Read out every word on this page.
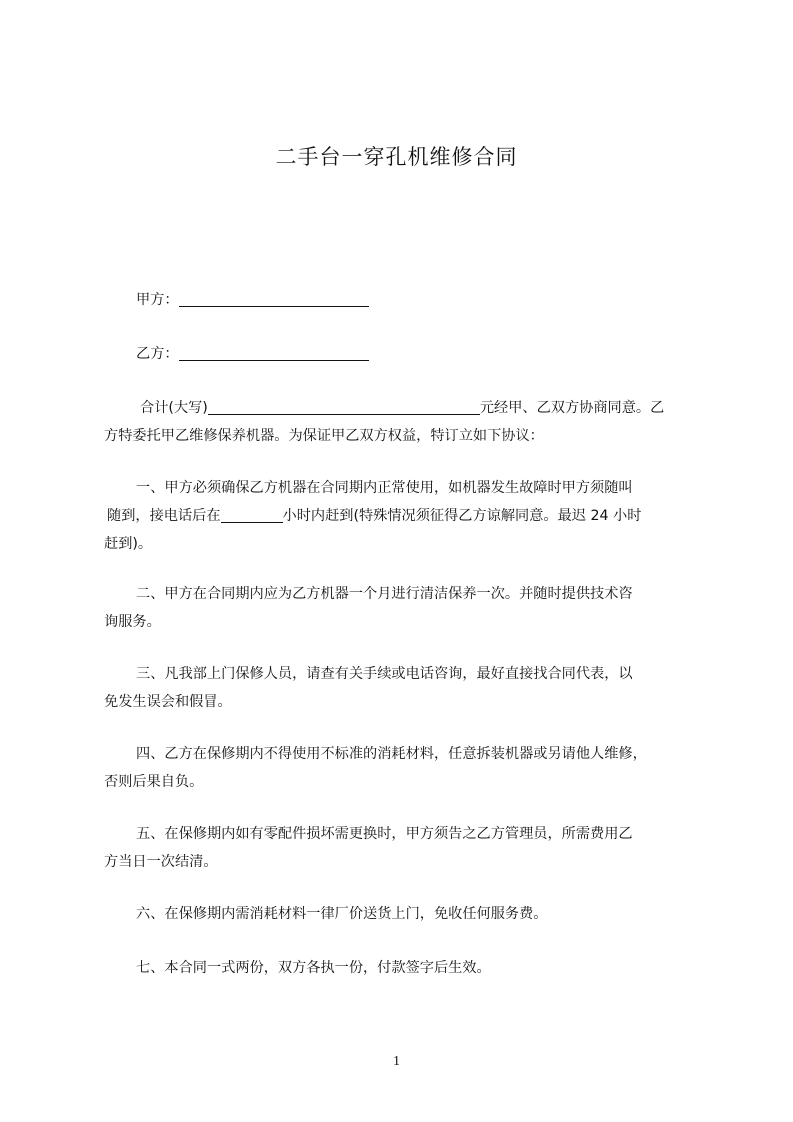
二手台一穿孔机维修合同

甲方：

乙方：

合计(大写)	元经甲、乙双方协商同意。乙

方特委托甲乙维修保养机器。为保证甲乙双方权益，特订立如下协议：

一、甲方必须确保乙方机器在合同期内正常使用，如机器发生故障时甲方须随叫

随到，接电话后在	小时内赶到(特殊情况须征得乙方谅解同意。最迟 24 小时

赶到)。

二、甲方在合同期内应为乙方机器一个月进行清洁保养一次。并随时提供技术咨

询服务。

三、凡我部上门保修人员，请查有关手续或电话咨询，最好直接找合同代表，以

免发生误会和假冒。

四、乙方在保修期内不得使用不标准的消耗材料，任意拆装机器或另请他人维修，

否则后果自负。

五、在保修期内如有零配件损坏需更换时，甲方须告之乙方管理员，所需费用乙

方当日一次结清。

六、在保修期内需消耗材料一律厂价送货上门，免收任何服务费。

七、本合同一式两份，双方各执一份，付款签字后生效。

1
